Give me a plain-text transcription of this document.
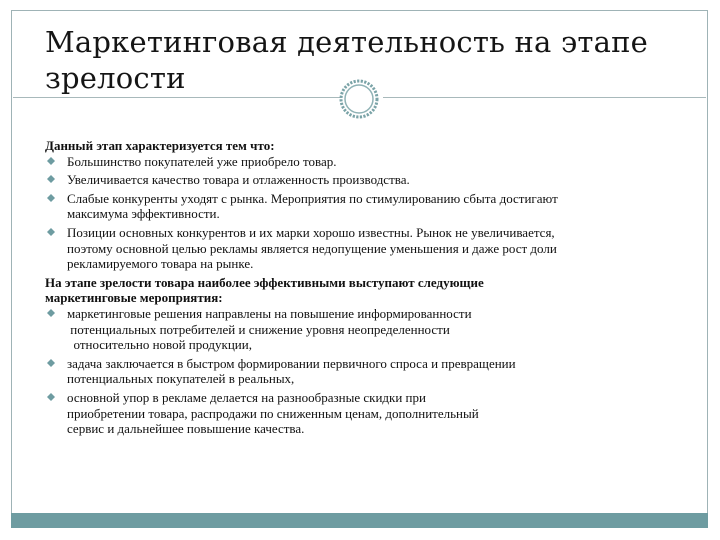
Маркетинговая деятельность на этапе
зрелости

Данный этап характеризуется тем что:

Большинство покупателей уже приобрело товар.
Увеличивается качество товара и отлаженность производства.
Слабые конкуренты уходят с рынка. Мероприятия по стимулированию сбыта достигают
максимума эффективности.
Позиции основных конкурентов и их марки хорошо известны. Рынок не увеличивается,
поэтому основной целью рекламы является недопущение уменьшения и даже рост доли
рекламируемого товара на рынке.

На этапе зрелости товара наиболее эффективными выступают следующие
маркетинговые мероприятия:

маркетинговые решения направлены на повышение информированности
потенциальных потребителей и снижение уровня неопределенности
относительно новой продукции,
задача заключается в быстром формировании первичного спроса и превращении
потенциальных покупателей в реальных,
основной упор в рекламе делается на разнообразные скидки при
приобретении товара, распродажи по сниженным ценам, дополнительный
сервис и дальнейшее повышение качества.
